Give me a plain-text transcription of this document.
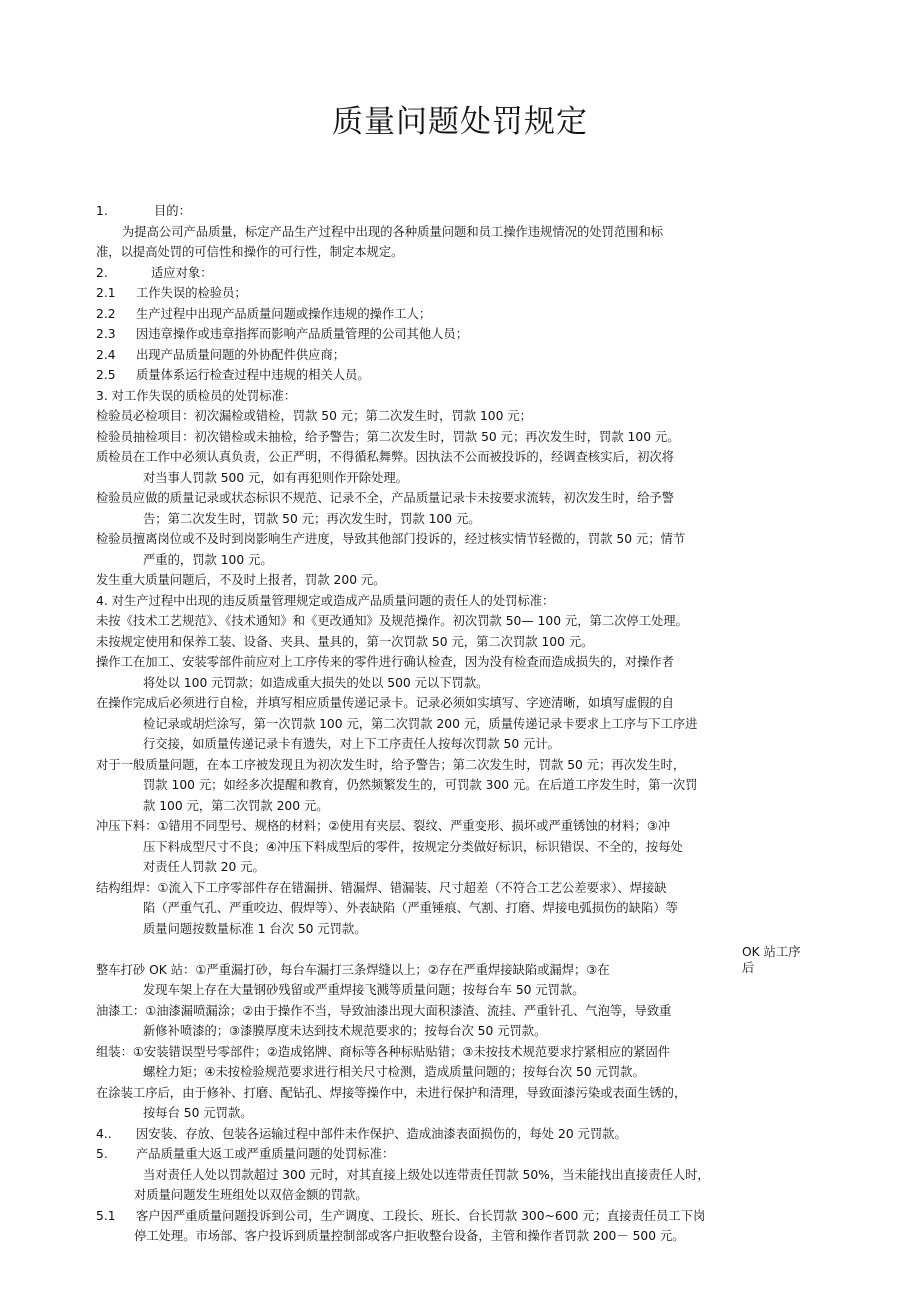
质量问题处罚规定
1.	目的：
为提高公司产品质量，标定产品生产过程中出现的各种质量问题和员工操作违规情况的处罚范围和标
准，以提高处罚的可信性和操作的可行性，制定本规定。
2.	适应对象：
2.1 工作失误的检验员；
2.2 生产过程中出现产品质量问题或操作违规的操作工人；
2.3 因违章操作或违章指挥而影响产品质量管理的公司其他人员；
2.4 出现产品质量问题的外协配件供应商；
2.5 质量体系运行检查过程中违规的相关人员。
3. 对工作失误的质检员的处罚标准：
检验员必检项目：初次漏检或错检，罚款 50 元；第二次发生时，罚款 100 元；
检验员抽检项目：初次错检或未抽检，给予警告；第二次发生时，罚款 50 元；再次发生时，罚款 100 元。
质检员在工作中必须认真负责，公正严明，不得循私舞弊。因执法不公而被投诉的，经调查核实后，初次将
对当事人罚款 500 元，如有再犯则作开除处理。
检验员应做的质量记录或状态标识不规范、记录不全，产品质量记录卡未按要求流转，初次发生时，给予警
告；第二次发生时，罚款 50 元；再次发生时，罚款 100 元。
检验员擅离岗位或不及时到岗影响生产进度，导致其他部门投诉的，经过核实情节轻微的，罚款 50 元；情节
严重的，罚款 100 元。
发生重大质量问题后，不及时上报者，罚款 200 元。
4. 对生产过程中出现的违反质量管理规定或造成产品质量问题的责任人的处罚标准：
未按《技术工艺规范》、《技术通知》和《更改通知》及规范操作。初次罚款 50— 100 元，第二次停工处理。
未按规定使用和保养工装、设备、夹具、量具的，第一次罚款 50 元，第二次罚款 100 元。
操作工在加工、安装零部件前应对上工序传来的零件进行确认检查，因为没有检查而造成损失的，对操作者
将处以 100 元罚款；如造成重大损失的处以 500 元以下罚款。
在操作完成后必须进行自检，并填写相应质量传递记录卡。记录必须如实填写、字迹清晰，如填写虚假的自
检记录或胡烂涂写，第一次罚款 100 元，第二次罚款 200 元，质量传递记录卡要求上工序与下工序进
行交接，如质量传递记录卡有遗失，对上下工序责任人按每次罚款 50 元计。
对于一般质量问题，在本工序被发现且为初次发生时，给予警告；第二次发生时，罚款 50 元；再次发生时，
罚款 100 元；如经多次提醒和教育，仍然频繁发生的，可罚款 300 元。在后道工序发生时，第一次罚
款 100 元，第二次罚款 200 元。
冲压下料：①错用不同型号、规格的材料；②使用有夹层、裂纹、严重变形、损坏或严重锈蚀的材料；③冲
压下料成型尺寸不良；④冲压下料成型后的零件，按规定分类做好标识，标识错误、不全的，按每处
对责任人罚款 20 元。
结构组焊：①流入下工序零部件存在错漏拼、错漏焊、错漏装、尺寸超差（不符合工艺公差要求）、焊接缺
陷（严重气孔、严重咬边、假焊等）、外表缺陷（严重锤痕、气割、打磨、焊接电弧损伤的缺陷）等
质量问题按数量标准 1 台次 50 元罚款。
整车打砂 OK 站：①严重漏打砂，每台车漏打三条焊缝以上；②存在严重焊接缺陷或漏焊；③在
OK 站工序
后
发现车架上存在大量钢砂残留或严重焊接飞溅等质量问题；按每台车 50 元罚款。
油漆工：①油漆漏喷漏涂；②由于操作不当，导致油漆出现大面积漆渣、流挂、严重针孔、气泡等，导致重
新修补喷漆的；③漆膜厚度未达到技术规范要求的；按每台次 50 元罚款。
组装：①安装错误型号零部件；②造成铭牌、商标等各种标贴贴错；③未按技术规范要求拧紧相应的紧固件
螺栓力矩；④未按检验规范要求进行相关尺寸检测，造成质量问题的；按每台次 50 元罚款。
在涂装工序后，由于修补、打磨、配钻孔、焊接等操作中，未进行保护和清理，导致面漆污染或表面生锈的，
按每台 50 元罚款。
4.. 因安装、存放、包装各运输过程中部件未作保护、造成油漆表面损伤的，每处 20 元罚款。
5. 产品质量重大返工或严重质量问题的处罚标准：
当对责任人处以罚款超过 300 元时，对其直接上级处以连带责任罚款 50%，当未能找出直接责任人时，
对质量问题发生班组处以双倍金额的罚款。
5.1 客户因严重质量问题投诉到公司，生产调度、工段长、班长、台长罚款 300~600 元；直接责任员工下岗
停工处理。市场部、客户投诉到质量控制部或客户拒收整台设备，主管和操作者罚款 200－ 500 元。
